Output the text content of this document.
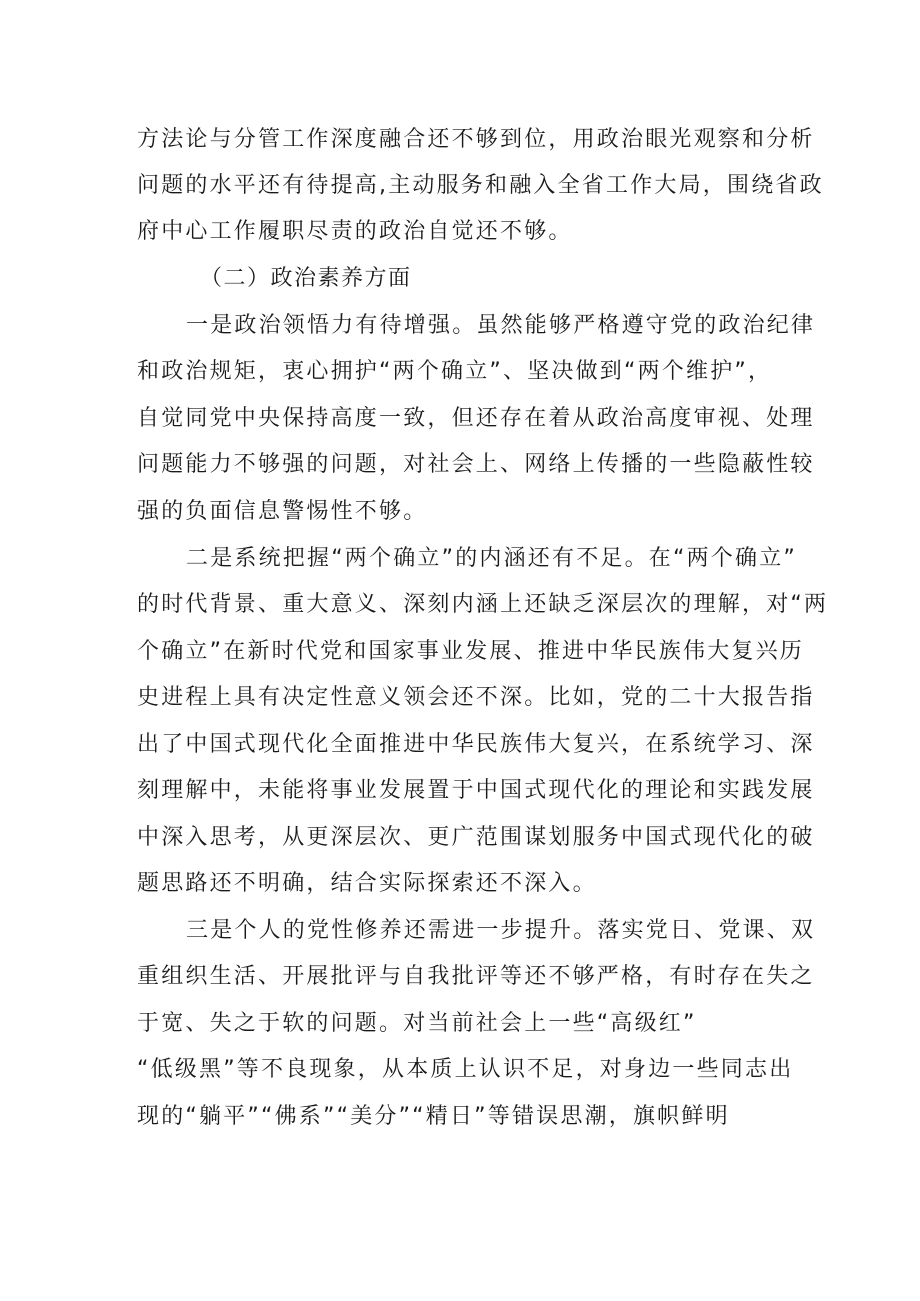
方法论与分管工作深度融合还不够到位，用政治眼光观察和分析
问题的水平还有待提高,主动服务和融入全省工作大局，围绕省政
府中心工作履职尽责的政治自觉还不够。
（二）政治素养方面
一是政治领悟力有待增强。虽然能够严格遵守党的政治纪律
和政治规矩，衷心拥护“两个确立”、坚决做到“两个维护”，
自觉同党中央保持高度一致，但还存在着从政治高度审视、处理
问题能力不够强的问题，对社会上、网络上传播的一些隐蔽性较
强的负面信息警惕性不够。
二是系统把握“两个确立”的内涵还有不足。在“两个确立”
的时代背景、重大意义、深刻内涵上还缺乏深层次的理解，对“两
个确立”在新时代党和国家事业发展、推进中华民族伟大复兴历
史进程上具有决定性意义领会还不深。比如，党的二十大报告指
出了中国式现代化全面推进中华民族伟大复兴，在系统学习、深
刻理解中，未能将事业发展置于中国式现代化的理论和实践发展
中深入思考，从更深层次、更广范围谋划服务中国式现代化的破
题思路还不明确，结合实际探索还不深入。
三是个人的党性修养还需进一步提升。落实党日、党课、双
重组织生活、开展批评与自我批评等还不够严格，有时存在失之
于宽、失之于软的问题。对当前社会上一些“高级红”
“低级黑”等不良现象，从本质上认识不足，对身边一些同志出
现的“躺平”“佛系”“美分”“精日”等错误思潮，旗帜鲜明
